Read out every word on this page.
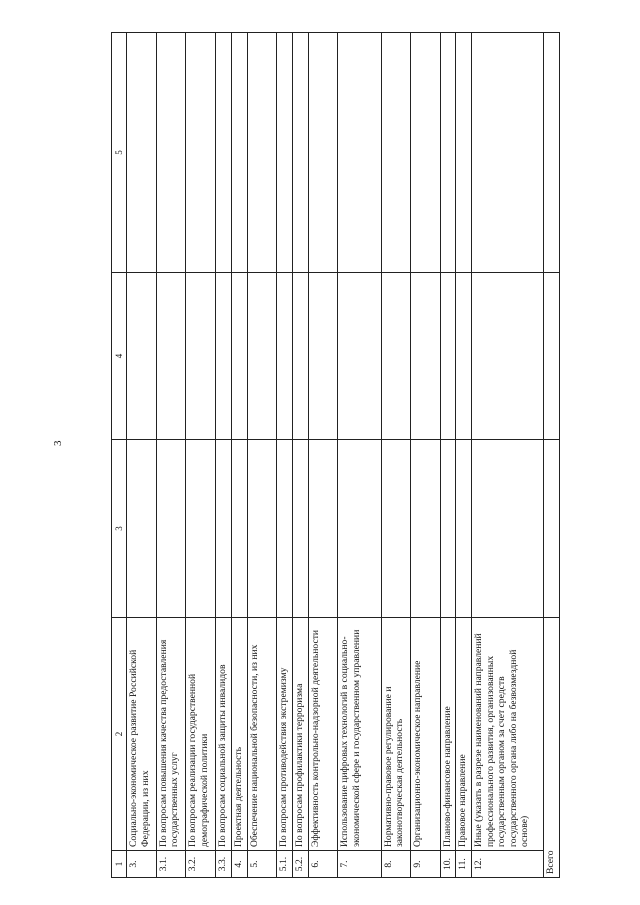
3
1	2	3	4	5
3.	Социально-экономическое развитие Российской Федерации, из них			
3.1.	По вопросам повышения качества предоставления государственных услуг			
3.2.	По вопросам реализации государственной демографической политики			
3.3.	По вопросам социальной защиты инвалидов			
4.	Проектная деятельность			
5.	Обеспечение национальной безопасности, из них			
5.1.	По вопросам противодействия экстремизму			
5.2.	По вопросам профилактики терроризма			
6.	Эффективность контрольно-надзорной деятельности			
7.	Использование цифровых технологий в социально-экономической сфере и государственном управлении			
8.	Нормативно-правовое регулирование и законотворческая деятельность			
9.	Организационно-экономическое направление			
10.	Планово-финансовое направление			
11.	Правовое направление			
12.	Иные (указать в разрезе наименований направлений профессионального развития, организованных государственным органом за счет средств государственного органа либо на безвозмездной основе)			
Всего				
